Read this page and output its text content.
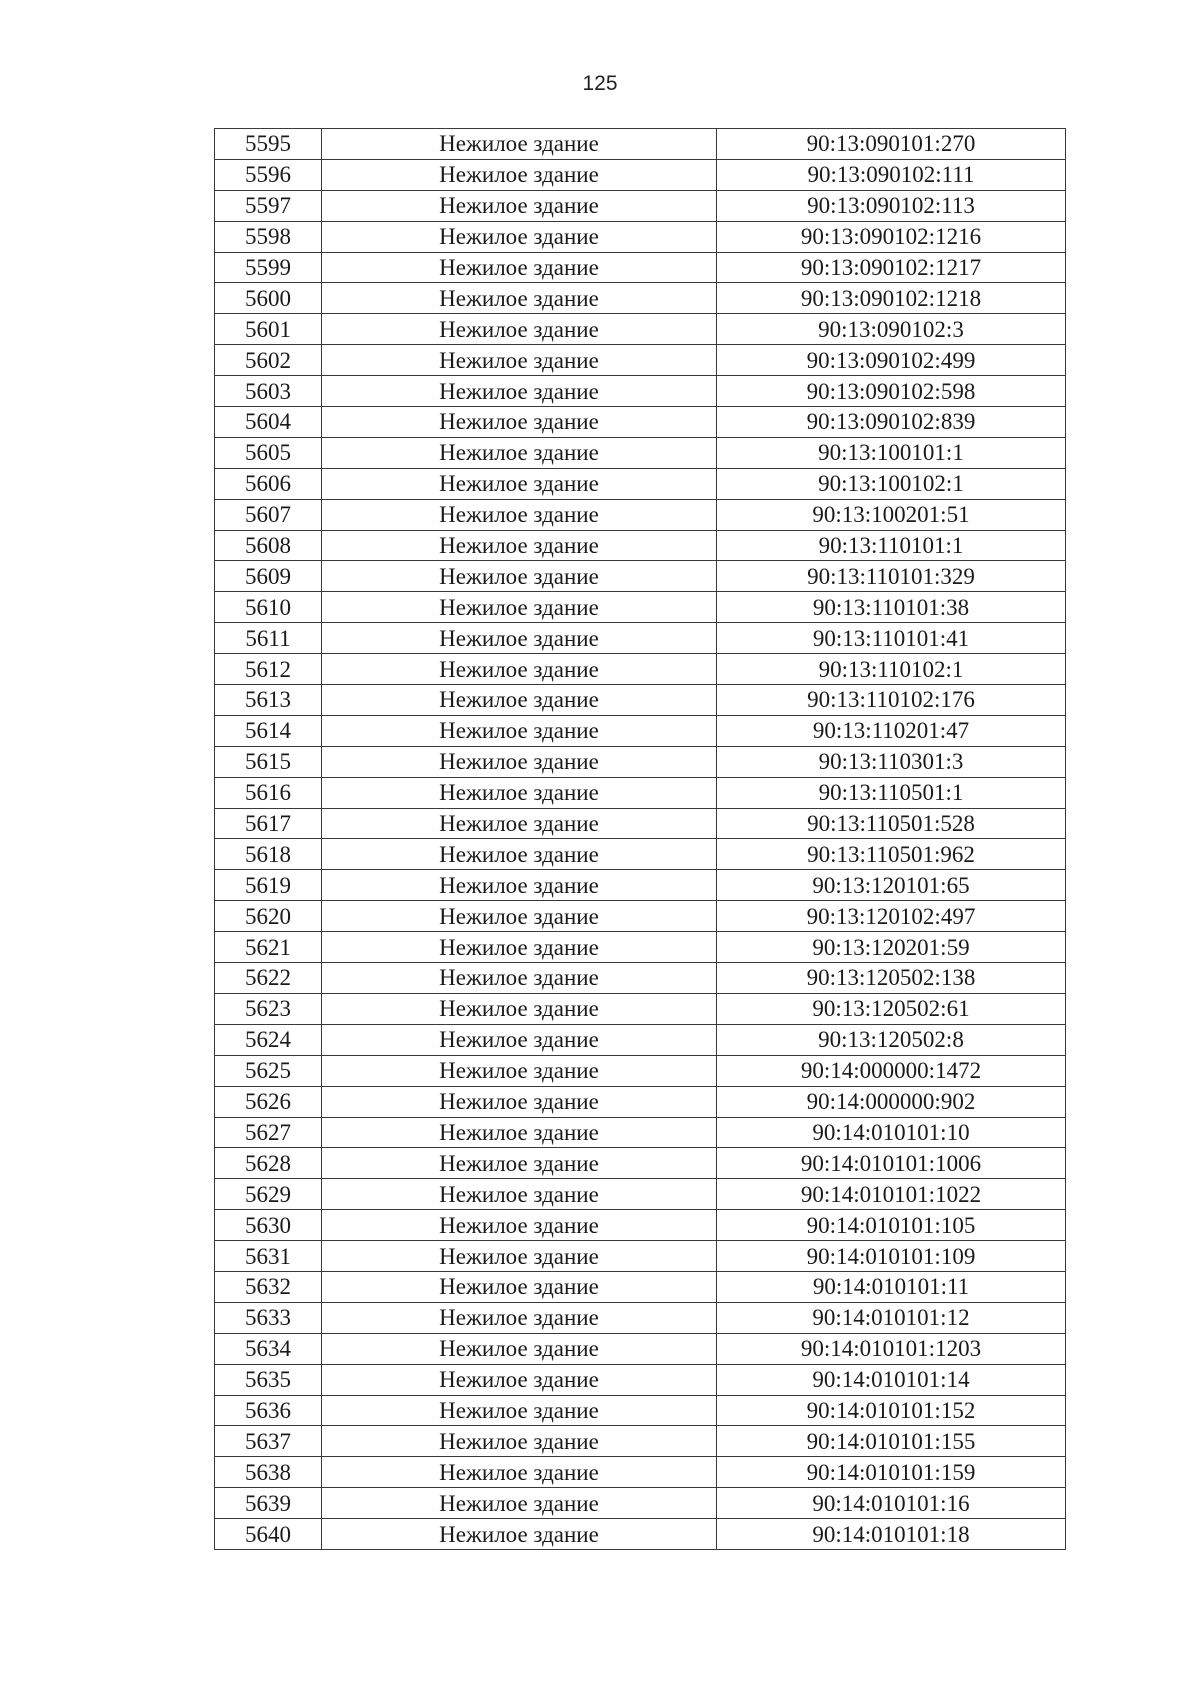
125
5595	Нежилое здание	90:13:090101:270
5596	Нежилое здание	90:13:090102:111
5597	Нежилое здание	90:13:090102:113
5598	Нежилое здание	90:13:090102:1216
5599	Нежилое здание	90:13:090102:1217
5600	Нежилое здание	90:13:090102:1218
5601	Нежилое здание	90:13:090102:3
5602	Нежилое здание	90:13:090102:499
5603	Нежилое здание	90:13:090102:598
5604	Нежилое здание	90:13:090102:839
5605	Нежилое здание	90:13:100101:1
5606	Нежилое здание	90:13:100102:1
5607	Нежилое здание	90:13:100201:51
5608	Нежилое здание	90:13:110101:1
5609	Нежилое здание	90:13:110101:329
5610	Нежилое здание	90:13:110101:38
5611	Нежилое здание	90:13:110101:41
5612	Нежилое здание	90:13:110102:1
5613	Нежилое здание	90:13:110102:176
5614	Нежилое здание	90:13:110201:47
5615	Нежилое здание	90:13:110301:3
5616	Нежилое здание	90:13:110501:1
5617	Нежилое здание	90:13:110501:528
5618	Нежилое здание	90:13:110501:962
5619	Нежилое здание	90:13:120101:65
5620	Нежилое здание	90:13:120102:497
5621	Нежилое здание	90:13:120201:59
5622	Нежилое здание	90:13:120502:138
5623	Нежилое здание	90:13:120502:61
5624	Нежилое здание	90:13:120502:8
5625	Нежилое здание	90:14:000000:1472
5626	Нежилое здание	90:14:000000:902
5627	Нежилое здание	90:14:010101:10
5628	Нежилое здание	90:14:010101:1006
5629	Нежилое здание	90:14:010101:1022
5630	Нежилое здание	90:14:010101:105
5631	Нежилое здание	90:14:010101:109
5632	Нежилое здание	90:14:010101:11
5633	Нежилое здание	90:14:010101:12
5634	Нежилое здание	90:14:010101:1203
5635	Нежилое здание	90:14:010101:14
5636	Нежилое здание	90:14:010101:152
5637	Нежилое здание	90:14:010101:155
5638	Нежилое здание	90:14:010101:159
5639	Нежилое здание	90:14:010101:16
5640	Нежилое здание	90:14:010101:18
